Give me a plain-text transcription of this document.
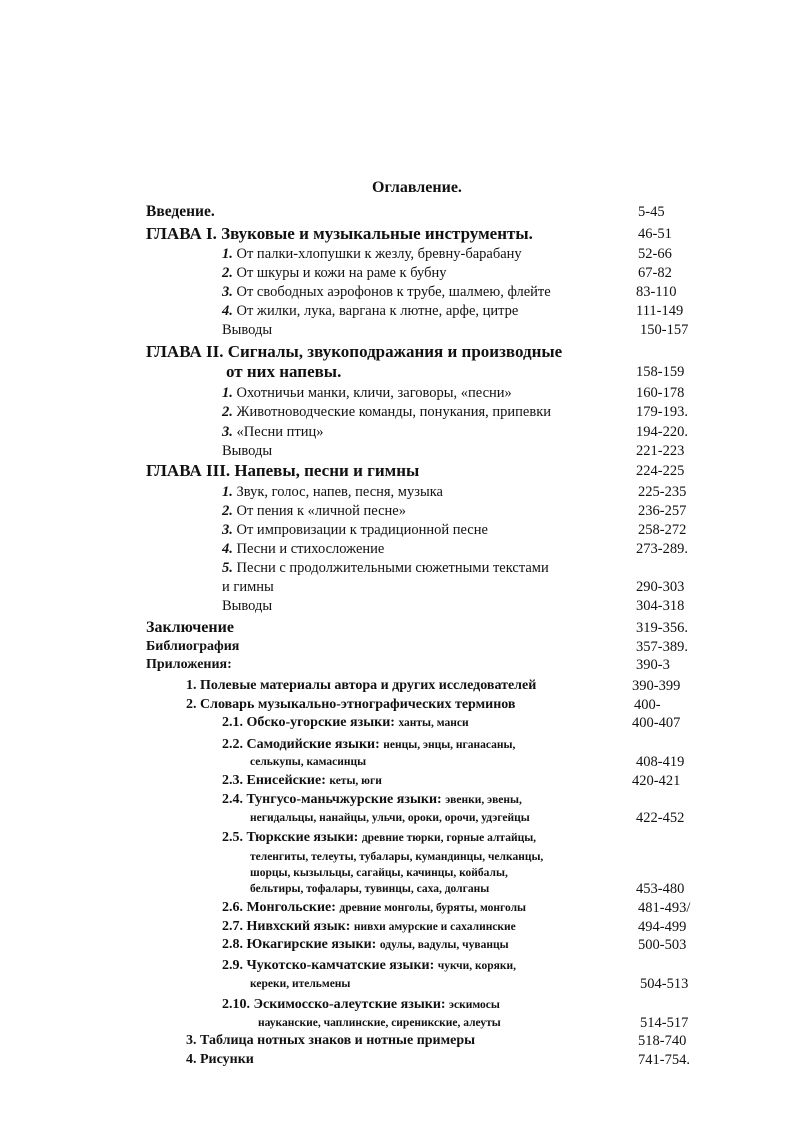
Оглавление.
Введение.	5-45
ГЛАВА I. Звуковые и музыкальные инструменты.	46-51
1. От палки-хлопушки к жезлу, бревну-барабану	52-66
2. От шкуры и кожи на раме к бубну	67-82
3. От свободных аэрофонов к трубе, шалмею, флейте	83-110
4. От жилки, лука, варгана к лютне, арфе, цитре	111-149
Выводы	150-157
ГЛАВА II. Сигналы, звукоподражания и производные
от них напевы.	158-159
1. Охотничьи манки, кличи, заговоры, «песни»	160-178
2. Животноводческие команды, понукания, припевки	179-193.
3. «Песни птиц»	194-220.
Выводы	221-223
ГЛАВА III. Напевы, песни и гимны	224-225
1. Звук, голос, напев, песня, музыка	225-235
2. От пения к «личной песне»	236-257
3. От импровизации к традиционной песне	258-272
4. Песни и стихосложение	273-289.
5. Песни с продолжительными сюжетными текстами
и гимны	290-303
Выводы	304-318
Заключение	319-356.
Библиография	357-389.
Приложения:	390-3
1. Полевые материалы автора и других исследователей	390-399
2. Словарь музыкально-этнографических терминов	400-
2.1. Обско-угорские языки: ханты, манси	400-407
2.2. Самодийские языки: ненцы, энцы, нганасаны,
селькупы, камасинцы	408-419
2.3. Енисейские: кеты, юги	420-421
2.4. Тунгусо-маньчжурские языки: эвенки, эвены,
негидальцы, нанайцы, ульчи, ороки, орочи, удэгейцы	422-452
2.5. Тюркские языки: древние тюрки, горные алтайцы,
теленгиты, телеуты, тубалары, кумандинцы, челканцы,
шорцы, кызыльцы, сагайцы, качинцы, койбалы,
бельтиры, тофалары, тувинцы, саха, долганы	453-480
2.6. Монгольские: древние монголы, буряты, монголы	481-493/
2.7. Нивхский язык: нивхи амурские и сахалинские	494-499
2.8. Юкагирские языки: одулы, вадулы, чуванцы	500-503
2.9. Чукотско-камчатские языки: чукчи, коряки,
кереки, ительмены	504-513
2.10. Эскимосско-алеутские языки: эскимосы
науканские, чаплинские, сиреникские, алеуты	514-517
3. Таблица нотных знаков и нотные примеры	518-740
4. Рисунки	741-754.
